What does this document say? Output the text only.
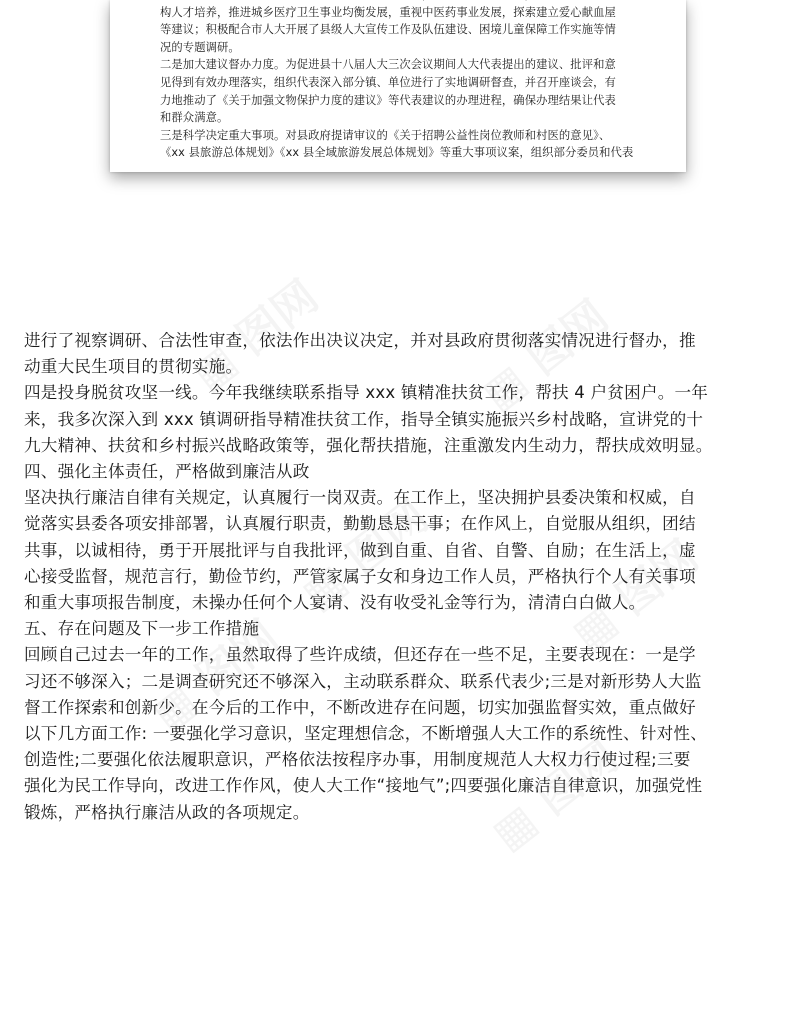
构人才培养，推进城乡医疗卫生事业均衡发展，重视中医药事业发展，探索建立爱心献血屋
等建议；积极配合市人大开展了县级人大宣传工作及队伍建设、困境儿童保障工作实施等情
况的专题调研。
二是加大建议督办力度。为促进县十八届人大三次会议期间人大代表提出的建议、批评和意
见得到有效办理落实，组织代表深入部分镇、单位进行了实地调研督查，并召开座谈会，有
力地推动了《关于加强文物保护力度的建议》等代表建议的办理进程，确保办理结果让代表
和群众满意。
三是科学决定重大事项。对县政府提请审议的《关于招聘公益性岗位教师和村医的意见》、
《xx 县旅游总体规划》《xx 县全域旅游发展总体规划》等重大事项议案，组织部分委员和代表
进行了视察调研、合法性审查，依法作出决议决定，并对县政府贯彻落实情况进行督办，推
动重大民生项目的贯彻实施。
四是投身脱贫攻坚一线。今年我继续联系指导 xxx 镇精准扶贫工作，帮扶 4 户贫困户。一年
来，我多次深入到 xxx 镇调研指导精准扶贫工作，指导全镇实施振兴乡村战略，宣讲党的十
九大精神、扶贫和乡村振兴战略政策等，强化帮扶措施，注重激发内生动力，帮扶成效明显。
四、强化主体责任，严格做到廉洁从政
坚决执行廉洁自律有关规定，认真履行一岗双责。在工作上，坚决拥护县委决策和权威，自
觉落实县委各项安排部署，认真履行职责，勤勤恳恳干事；在作风上，自觉服从组织，团结
共事，以诚相待，勇于开展批评与自我批评，做到自重、自省、自警、自励；在生活上，虚
心接受监督，规范言行，勤俭节约，严管家属子女和身边工作人员，严格执行个人有关事项
和重大事项报告制度，未操办任何个人宴请、没有收受礼金等行为，清清白白做人。
五、存在问题及下一步工作措施
回顾自己过去一年的工作，虽然取得了些许成绩，但还存在一些不足，主要表现在：一是学
习还不够深入；二是调查研究还不够深入，主动联系群众、联系代表少;三是对新形势人大监
督工作探索和创新少。在今后的工作中，不断改进存在问题，切实加强监督实效，重点做好
以下几方面工作: 一要强化学习意识，坚定理想信念，不断增强人大工作的系统性、针对性、
创造性;二要强化依法履职意识，严格依法按程序办事，用制度规范人大权力行使过程;三要
强化为民工作导向，改进工作作风，使人大工作“接地气”;四要强化廉洁自律意识，加强党性
锻炼，严格执行廉洁从政的各项规定。
